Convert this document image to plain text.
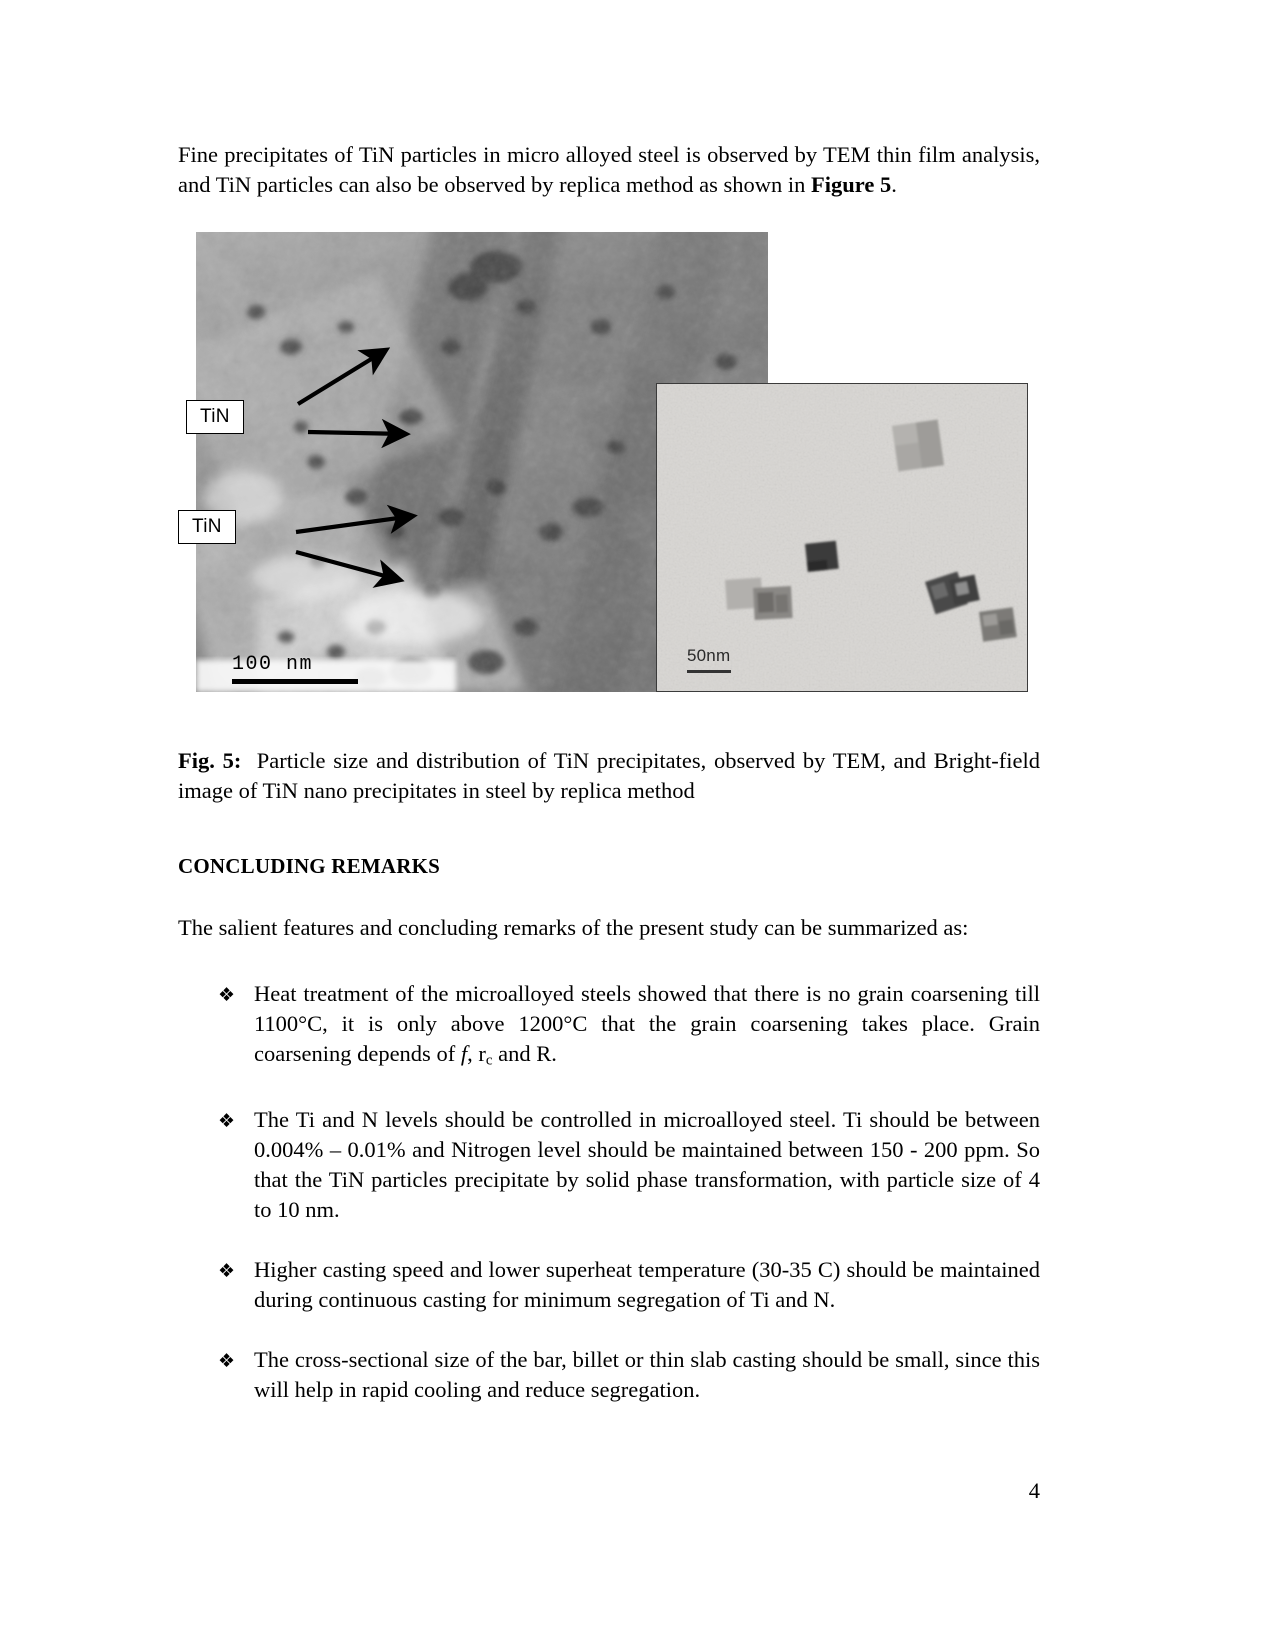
Fine precipitates of TiN particles in micro alloyed steel is observed by TEM thin film analysis, and TiN particles can also be observed by replica method as shown in Figure 5.

100 nm	50nm
TiN
TiN

Fig. 5: Particle size and distribution of TiN precipitates, observed by TEM, and Bright-field image of TiN nano precipitates in steel by replica method

CONCLUDING REMARKS

The salient features and concluding remarks of the present study can be summarized as:

❖ Heat treatment of the microalloyed steels showed that there is no grain coarsening till 1100°C, it is only above 1200°C that the grain coarsening takes place. Grain coarsening depends of f, $r_c$ and R.
❖ The Ti and N levels should be controlled in microalloyed steel. Ti should be between 0.004% – 0.01% and Nitrogen level should be maintained between 150 - 200 ppm. So that the TiN particles precipitate by solid phase transformation, with particle size of 4 to 10 nm.
❖ Higher casting speed and lower superheat temperature (30-35 C) should be maintained during continuous casting for minimum segregation of Ti and N.
❖ The cross-sectional size of the bar, billet or thin slab casting should be small, since this will help in rapid cooling and reduce segregation.
4
